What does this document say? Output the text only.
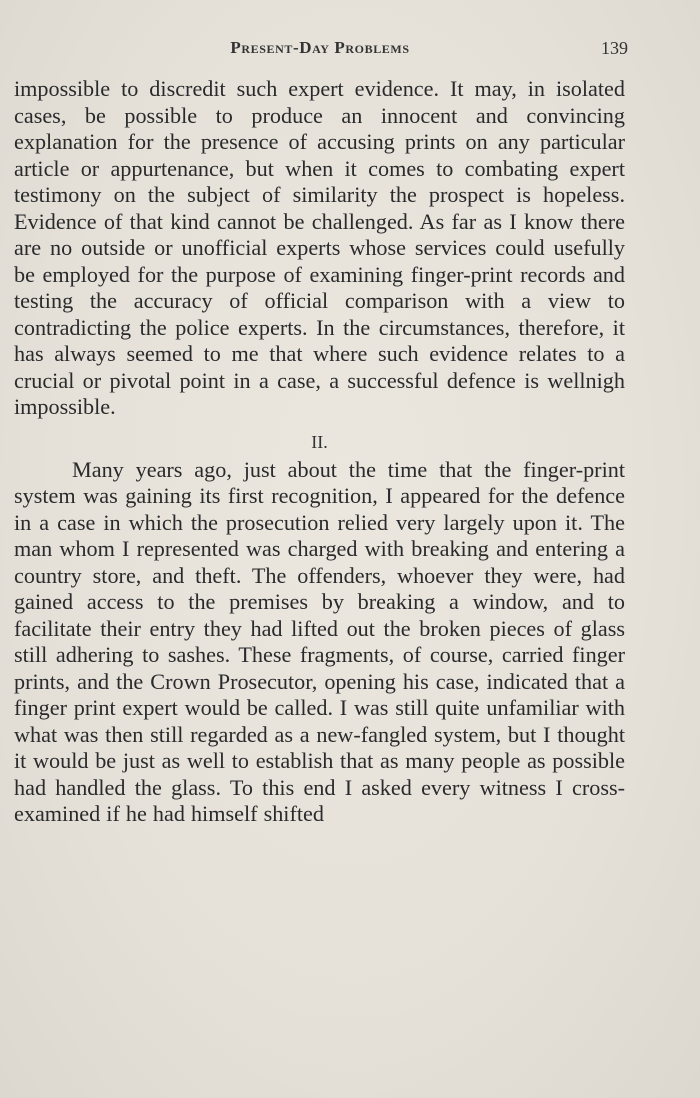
Present-Day Problems	139

impossible to discredit such expert evidence. It may, in isolated cases, be possible to produce an innocent and convincing explanation for the presence of accusing prints on any particular article or appurtenance, but when it comes to combating expert testimony on the subject of similarity the prospect is hopeless. Evidence of that kind cannot be challenged. As far as I know there are no outside or unofficial experts whose services could usefully be employed for the purpose of examining finger-print records and testing the accuracy of official comparison with a view to contradicting the police experts. In the circumstances, therefore, it has always seemed to me that where such evidence relates to a crucial or pivotal point in a case, a successful defence is wellnigh impossible.

II.

Many years ago, just about the time that the finger-print system was gaining its first recognition, I appeared for the defence in a case in which the prosecution relied very largely upon it. The man whom I represented was charged with breaking and entering a country store, and theft. The offenders, whoever they were, had gained access to the premises by breaking a window, and to facilitate their entry they had lifted out the broken pieces of glass still adhering to sashes. These fragments, of course, carried finger prints, and the Crown Prosecutor, opening his case, indicated that a finger print expert would be called. I was still quite unfamiliar with what was then still regarded as a new-fangled system, but I thought it would be just as well to establish that as many people as possible had handled the glass. To this end I asked every witness I cross-examined if he had himself shifted
